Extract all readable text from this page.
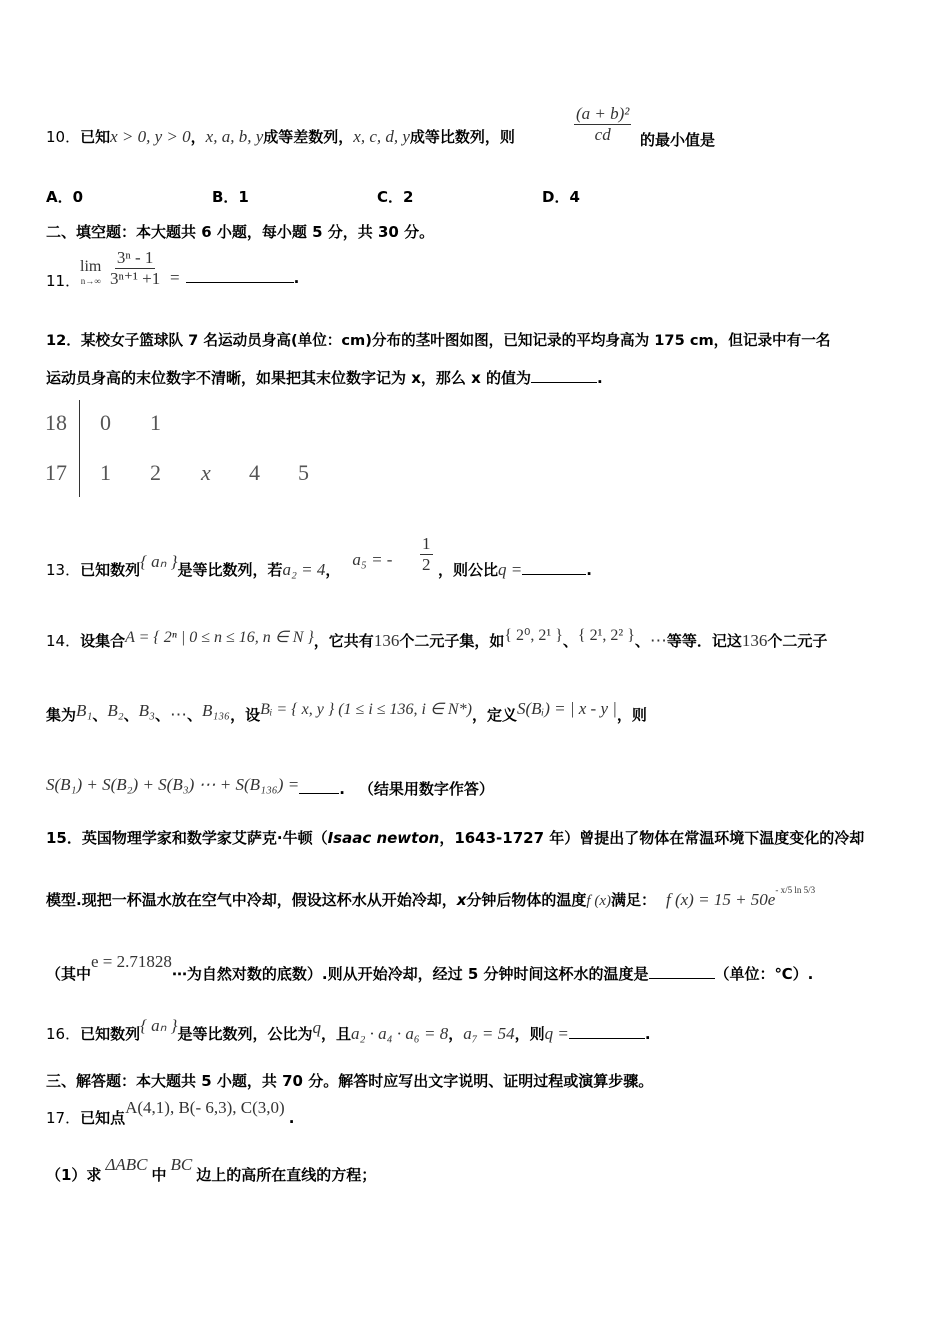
10．已知x > 0, y > 0，x, a, b, y成等差数列，x, c, d, y成等比数列，则	$\frac{\text{(a + b)²}}{cd}$ 的最小值是
A．0	B．1	C．2	D．4
二、填空题：本大题共 6 小题，每小题 5 分，共 30 分。
11．
lim
$n\to\infty \frac{\text{3ⁿ - 1}}{\text{3ⁿ⁺¹ +1}}$ =	.
12．某校女子篮球队 7 名运动员身高(单位：cm)分布的茎叶图如图，已知记录的平均身高为 175 cm，但记录中有一名
运动员身高的末位数字不清晰，如果把其末位数字记为 x，那么 x 的值为	.
18 0 1
17 1 2 x 4 5
13．已知数列{ aₙ }是等比数列，若a₂ = 4，a₅ = - $\frac{1}{2}$ ，则公比q =	.
14．设集合A = { 2ⁿ | 0 ≤ n ≤ 16, n ∈ N }，它共有136个二元子集，如{ 2⁰, 2¹ }、{ 2¹, 2² }、⋯等等．记这136个二元子
集为B₁、B₂、B₃、⋯、B₁₃₆，设Bᵢ = { x, y } (1 ≤ i ≤ 136, i ∈ N*)，定义S(Bᵢ) = | x - y |，则
S(B₁) + S(B₂) + S(B₃) ⋯ + S(B₁₃₆) =	. （结果用数字作答）
15．英国物理学家和数学家艾萨克·牛顿（Isaac newton，1643-1727 年）曾提出了物体在常温环境下温度变化的冷却
模型.现把一杯温水放在空气中冷却，假设这杯水从开始冷却，x分钟后物体的温度f (x)满足： f $(x) = 15 + 50e^{- x/5 ln 5/3}$
（其中e = 2.71828⋯为自然对数的底数）.则从开始冷却，经过 5 分钟时间这杯水的温度是	（单位：℃）.
16．已知数列{ aₙ }是等比数列，公比为q，且a₂ · a₄ · a₆ = 8，a₇ = 54，则q =	.
三、解答题：本大题共 5 小题，共 70 分。解答时应写出文字说明、证明过程或演算步骤。
17．已知点A(4,1), B(- 6,3), C(3,0).
（1）求ΔABC中BC边上的高所在直线的方程；
